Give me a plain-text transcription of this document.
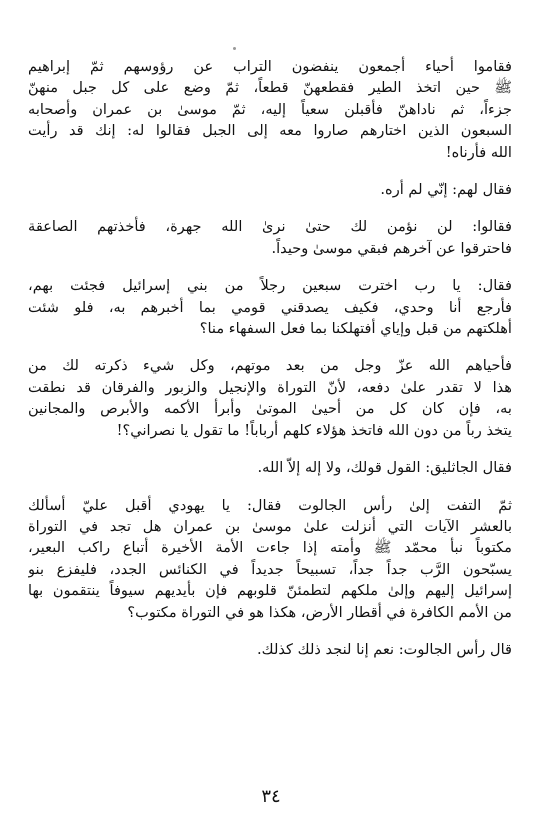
فقاموا أحياء أجمعون ينفضون التراب عن رؤوسهم ثمّ إبراهيم
ﷺ حين اتخذ الطير فقطعهنّ قطعاً، ثمّ وضع على كل جبل منهنّ
جزءاً، ثم ناداهنّ فأقبلن سعياً إليه، ثمّ موسىٰ بن عمران وأصحابه
السبعون الذين اختارهم صاروا معه إلى الجبل فقالوا له: إنك قد رأيت
الله فأرناه!

فقال لهم: إنّي لم أره.

فقالوا: لن نؤمن لك حتىٰ نرىٰ الله جهرة، فأخذتهم الصاعقة
فاحترقوا عن آخرهم فبقي موسىٰ وحيداً.

فقال: يا رب اخترت سبعين رجلاً من بني إسرائيل فجئت بهم،
فأرجع أنا وحدي، فكيف يصدقني قومي بما أخبرهم به، فلو شئت
أهلكتهم من قبل وإياي أفتهلكنا بما فعل السفهاء منا؟

فأحياهم الله عزّ وجل من بعد موتهم، وكل شيء ذكرته لك من
هذا لا تقدر علىٰ دفعه، لأنّ التوراة والإنجيل والزبور والفرقان قد نطقت
به، فإن كان كل من أحيىٰ الموتىٰ وأبرأ الأكمه والأبرص والمجانين
يتخذ رباً من دون الله فاتخذ هؤلاء كلهم أرباباً! ما تقول يا نصراني؟!

فقال الجاثليق: القول قولك، ولا إله إلاّ الله.

ثمّ التفت إلىٰ رأس الجالوت فقال: يا يهودي أقبل عليّ أسألك
بالعشر الآيات التي أنزلت علىٰ موسىٰ بن عمران هل تجد في التوراة
مكتوباً نبأ محمّد ﷺ وأمته إذا جاءت الأمة الأخيرة أتباع راكب البعير،
يسبّحون الرَّب جداً جداً، تسبيحاً جديداً في الكنائس الجدد، فليفزع بنو
إسرائيل إليهم وإلىٰ ملكهم لتطمئنّ قلوبهم فإن بأيديهم سيوفاً ينتقمون بها
من الأمم الكافرة في أقطار الأرض، هكذا هو في التوراة مكتوب؟

قال رأس الجالوت: نعم إنا لنجد ذلك كذلك.

٣٤
